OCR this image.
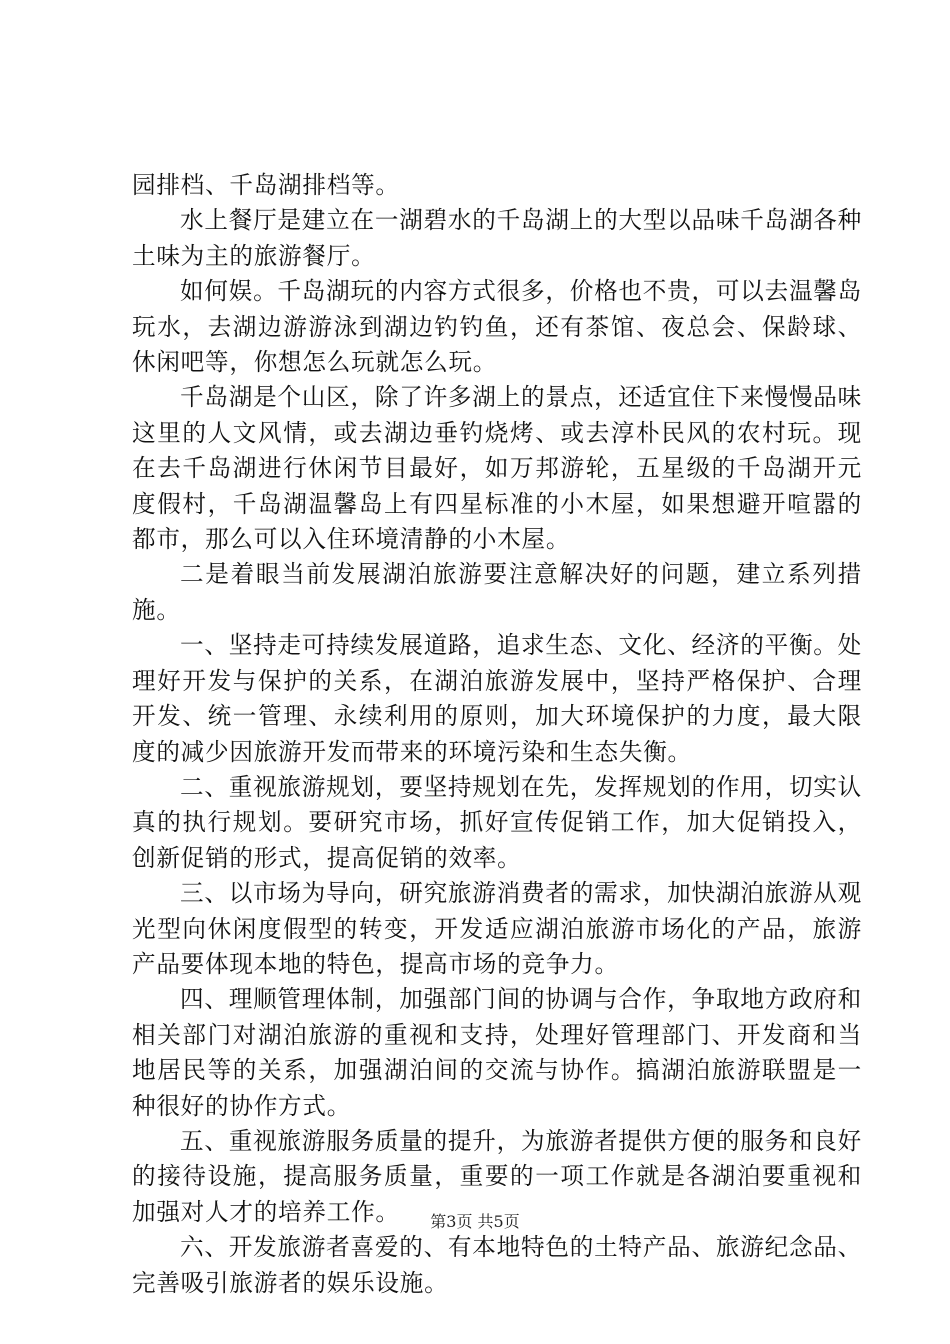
园排档、千岛湖排档等。

水上餐厅是建立在一湖碧水的千岛湖上的大型以品味千岛湖各种土味为主的旅游餐厅。

如何娱。千岛湖玩的内容方式很多，价格也不贵，可以去温馨岛玩水，去湖边游游泳到湖边钓钓鱼，还有茶馆、夜总会、保龄球、休闲吧等，你想怎么玩就怎么玩。

千岛湖是个山区，除了许多湖上的景点，还适宜住下来慢慢品味这里的人文风情，或去湖边垂钓烧烤、或去淳朴民风的农村玩。现在去千岛湖进行休闲节目最好，如万邦游轮，五星级的千岛湖开元度假村，千岛湖温馨岛上有四星标准的小木屋，如果想避开喧嚣的都市，那么可以入住环境清静的小木屋。

二是着眼当前发展湖泊旅游要注意解决好的问题，建立系列措施。

一、坚持走可持续发展道路，追求生态、文化、经济的平衡。处理好开发与保护的关系，在湖泊旅游发展中，坚持严格保护、合理开发、统一管理、永续利用的原则，加大环境保护的力度，最大限度的减少因旅游开发而带来的环境污染和生态失衡。

二、重视旅游规划，要坚持规划在先，发挥规划的作用，切实认真的执行规划。要研究市场，抓好宣传促销工作，加大促销投入，创新促销的形式，提高促销的效率。

三、以市场为导向，研究旅游消费者的需求，加快湖泊旅游从观光型向休闲度假型的转变，开发适应湖泊旅游市场化的产品，旅游产品要体现本地的特色，提高市场的竞争力。

四、理顺管理体制，加强部门间的协调与合作，争取地方政府和相关部门对湖泊旅游的重视和支持，处理好管理部门、开发商和当地居民等的关系，加强湖泊间的交流与协作。搞湖泊旅游联盟是一种很好的协作方式。

五、重视旅游服务质量的提升，为旅游者提供方便的服务和良好的接待设施，提高服务质量，重要的一项工作就是各湖泊要重视和加强对人才的培养工作。

六、开发旅游者喜爱的、有本地特色的土特产品、旅游纪念品、完善吸引旅游者的娱乐设施。

第3页 共5页
